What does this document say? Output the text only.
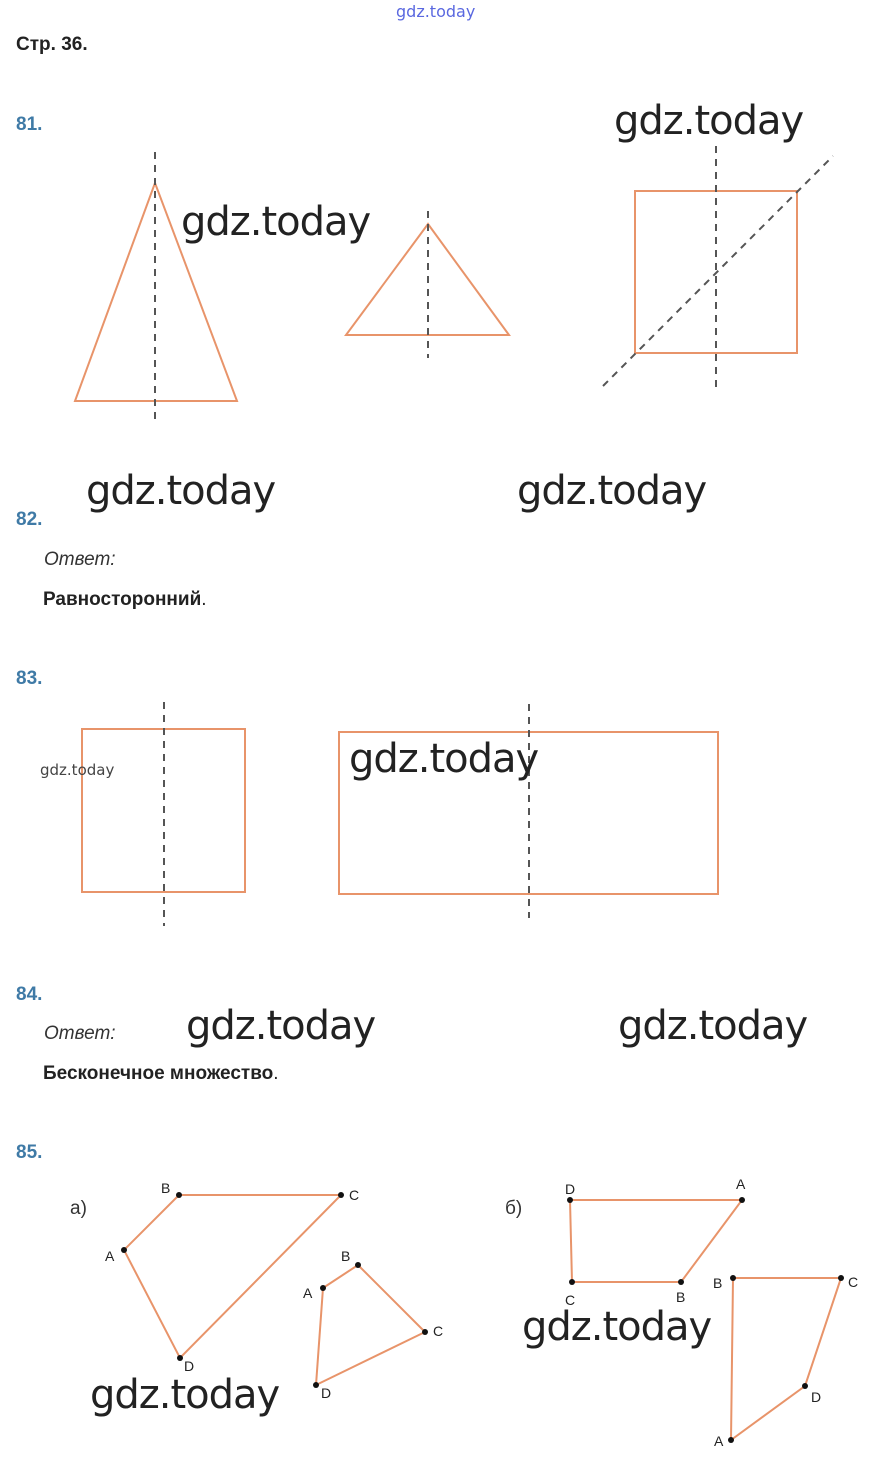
gdz.today
Стр. 36.
81.	gdz.today
gdz.today
gdz.today	gdz.today
82.
Ответ:
Равносторонний.
83.
gdz.today	gdz.today
84.
Ответ:
Бесконечное множество.
gdz.today	gdz.today
85.
а)	б)
A
B	C
D
A
B
C
D
D	A
B
C
B	C
D
A
gdz.today
gdz.today
